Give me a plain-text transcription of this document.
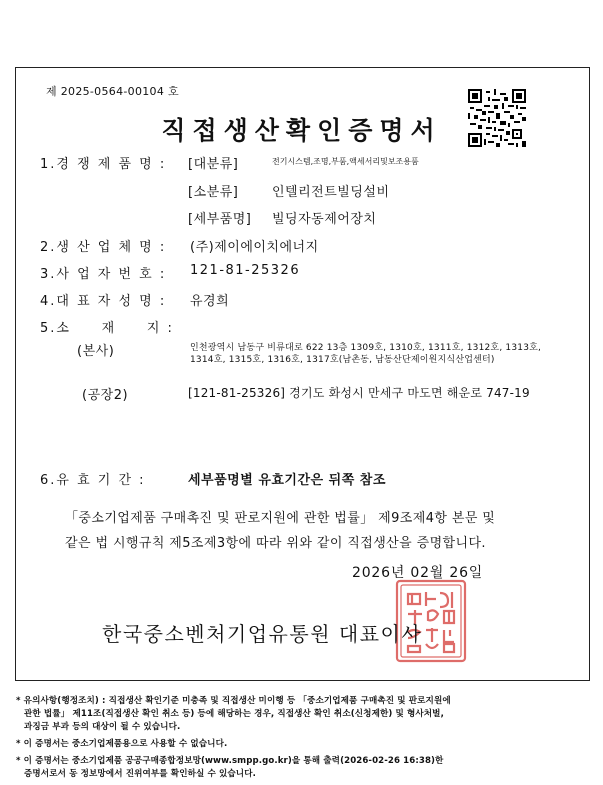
제 2025-0564-00104 호
직접생산확인증명서
1.경 쟁 제 품 명 : [대분류]	전기시스템,조명,부품,액세서리및보조용품
[소분류]	인텔리전트빌딩설비
[세부품명] 빌딩자동제어장치
2.생 산 업 체 명 : (주)제이에이치에너지
3.사 업 자 번 호 : 121-81-25326
4.대 표 자 성 명 : 유경희
5.소     재     지 :
(본사)	인천광역시 남동구 비류대로 622 13층 1309호, 1310호, 1311호, 1312호, 1313호,
1314호, 1315호, 1316호, 1317호(남촌동, 남동산단제이원지식산업센터)
(공장2)	[121-81-25326] 경기도 화성시 만세구 마도면 해운로 747-19
6.유 효 기 간 :	세부품명별 유효기간은 뒤쪽 참조
「중소기업제품 구매촉진 및 판로지원에 관한 법률」 제9조제4항 본문 및
같은 법 시행규칙 제5조제3항에 따라 위와 같이 직접생산을 증명합니다.
2026년 02월 26일
한국중소벤처기업유통원 대표이사
* 유의사항(행정조치) : 직접생산 확인기준 미충족 및 직접생산 미이행 등 「중소기업제품 구매촉진 및 판로지원에
관한 법률」 제11조(직접생산 확인 취소 등) 등에 해당하는 경우, 직접생산 확인 취소(신청제한) 및 형사처벌,
과징금 부과 등의 대상이 될 수 있습니다.
* 이 증명서는 중소기업제품용으로 사용할 수 없습니다.
* 이 증명서는 중소기업제품 공공구매종합정보망(www.smpp.go.kr)을 통해 출력(2026-02-26 16:38)한
증명서로서 동 정보망에서 진위여부를 확인하실 수 있습니다.
